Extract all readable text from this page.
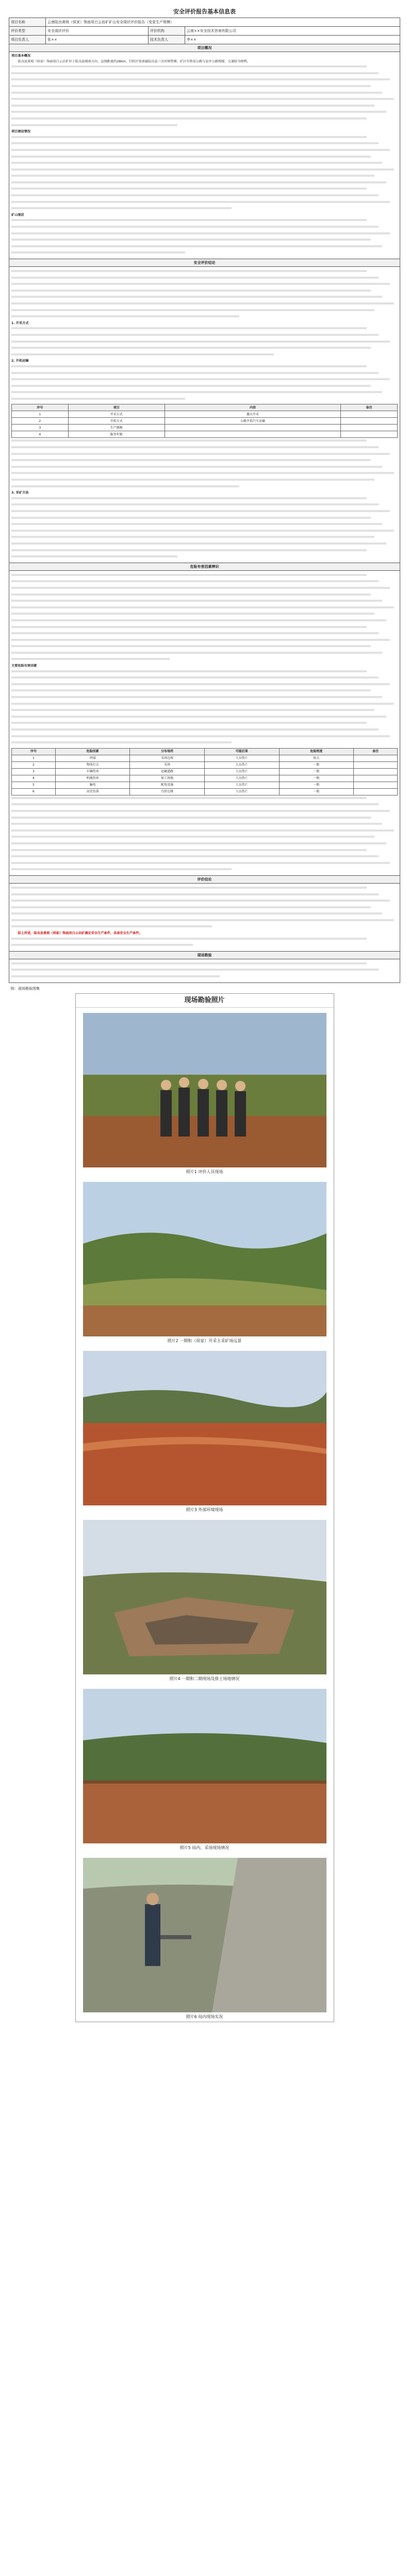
安全评价报告基本信息表
项目名称	云南陆良黄坡（侯家）饰面用白云岩矿矿山安全现状评价报告（变更生产规模）		
评价类型	安全现状评价	评价机构	云南××安全技术咨询有限公司
项目负责人	张××	技术负责人	李××
项目概况

项目基本概况

陆良县黄坡（侯家）饰面用白云岩矿位于陆良县城南方向，直线距离约28km，行政区划隶属陆良县三岔河镇管辖。矿区有简易公路与县乡公路相接，交通较为便利。

项目建设情况

矿山现状

安全评价结论

1. 开采方式

2. 开拓运输

序号	项目	内容	备注
1	开采方式	露天开采	
2	开拓方式	公路开拓汽车运输	
3	生产规模		
4	服务年限		

3. 采矿方法

危险有害因素辨识

主要危险有害因素

序号	危险因素	分布场所	可能后果	危险程度	备注
1	坍塌	采场边坡	人员伤亡	较大	
2	物体打击	采场	人员伤亡	一般	
3	车辆伤害	运输道路	人员伤亡	一般	
4	机械伤害	加工场地	人员伤亡	一般	
5	触电	配电设施	人员伤亡	一般	
6	高处坠落	台阶边缘	人员伤亡	一般	
评价结论

综上所述，陆良县黄坡（侯家）饰面用白云岩矿满足安全生产条件，具备安全生产条件。

现场勘验
附：现场勘验图集
现场勘验照片
照片1 评价人员现场
照片2 一期和（侯家）开采主采矿场远景
照片3 外部环境现场
照片4 一期和二期现场及排土场地情况
照片5 局内、采场现场情况
照片6 局内现场实况
